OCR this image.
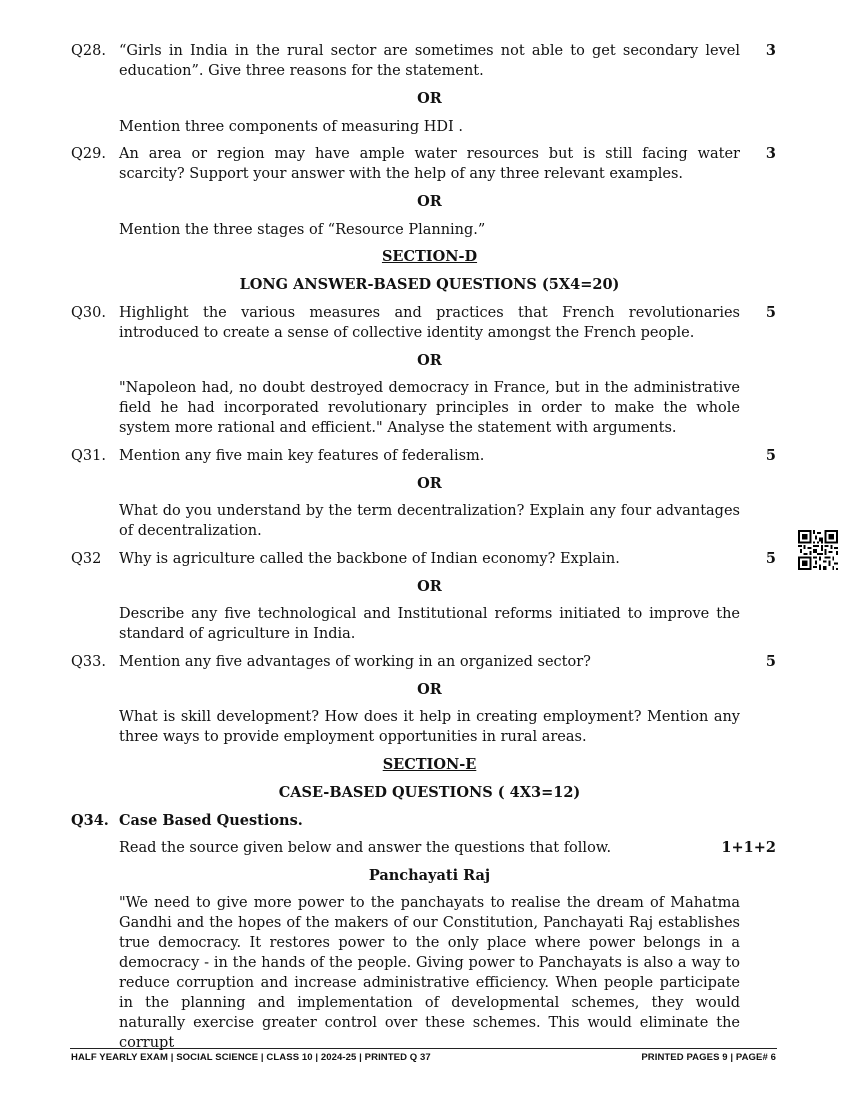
Q28. “Girls in India in the rural sector are sometimes not able to get secondary level education”. Give three reasons for the statement.
3
OR
Mention three components of measuring HDI .
Q29. An area or region may have ample water resources but is still facing water scarcity? Support your answer with the help of any three relevant examples.
3
OR
Mention the three stages of “Resource Planning.”
SECTION-D
LONG ANSWER-BASED QUESTIONS (5X4=20)
Q30. Highlight the various measures and practices that French revolutionaries introduced to create a sense of collective identity amongst the French people.
5
OR
"Napoleon had, no doubt destroyed democracy in France, but in the administrative field he had incorporated revolutionary principles in order to make the whole system more rational and efficient." Analyse the statement with arguments.
Q31. Mention any five main key features of federalism.	5
OR
What do you understand by the term decentralization? Explain any four advantages of decentralization.
Q32 Why is agriculture called the backbone of Indian economy? Explain.	5
OR
Describe any five technological and Institutional reforms initiated to improve the standard of agriculture in India.
Q33. Mention any five advantages of working in an organized sector?	5
OR
What is skill development? How does it help in creating employment? Mention any three ways to provide employment opportunities in rural areas.
SECTION-E
CASE-BASED QUESTIONS ( 4X3=12)
Q34. Case Based Questions.
Read the source given below and answer the questions that follow.	1+1+2
Panchayati Raj
"We need to give more power to the panchayats to realise the dream of Mahatma Gandhi and the hopes of the makers of our Constitution, Panchayati Raj establishes true democracy. It restores power to the only place where power belongs in a democracy - in the hands of the people. Giving power to Panchayats is also a way to reduce corruption and increase administrative efficiency. When people participate in the planning and implementation of developmental schemes, they would naturally exercise greater control over these schemes. This would eliminate the corrupt
HALF YEARLY EXAM | SOCIAL SCIENCE | CLASS 10 | 2024-25 | PRINTED Q 37	PRINTED PAGES 9 | PAGE# 6
